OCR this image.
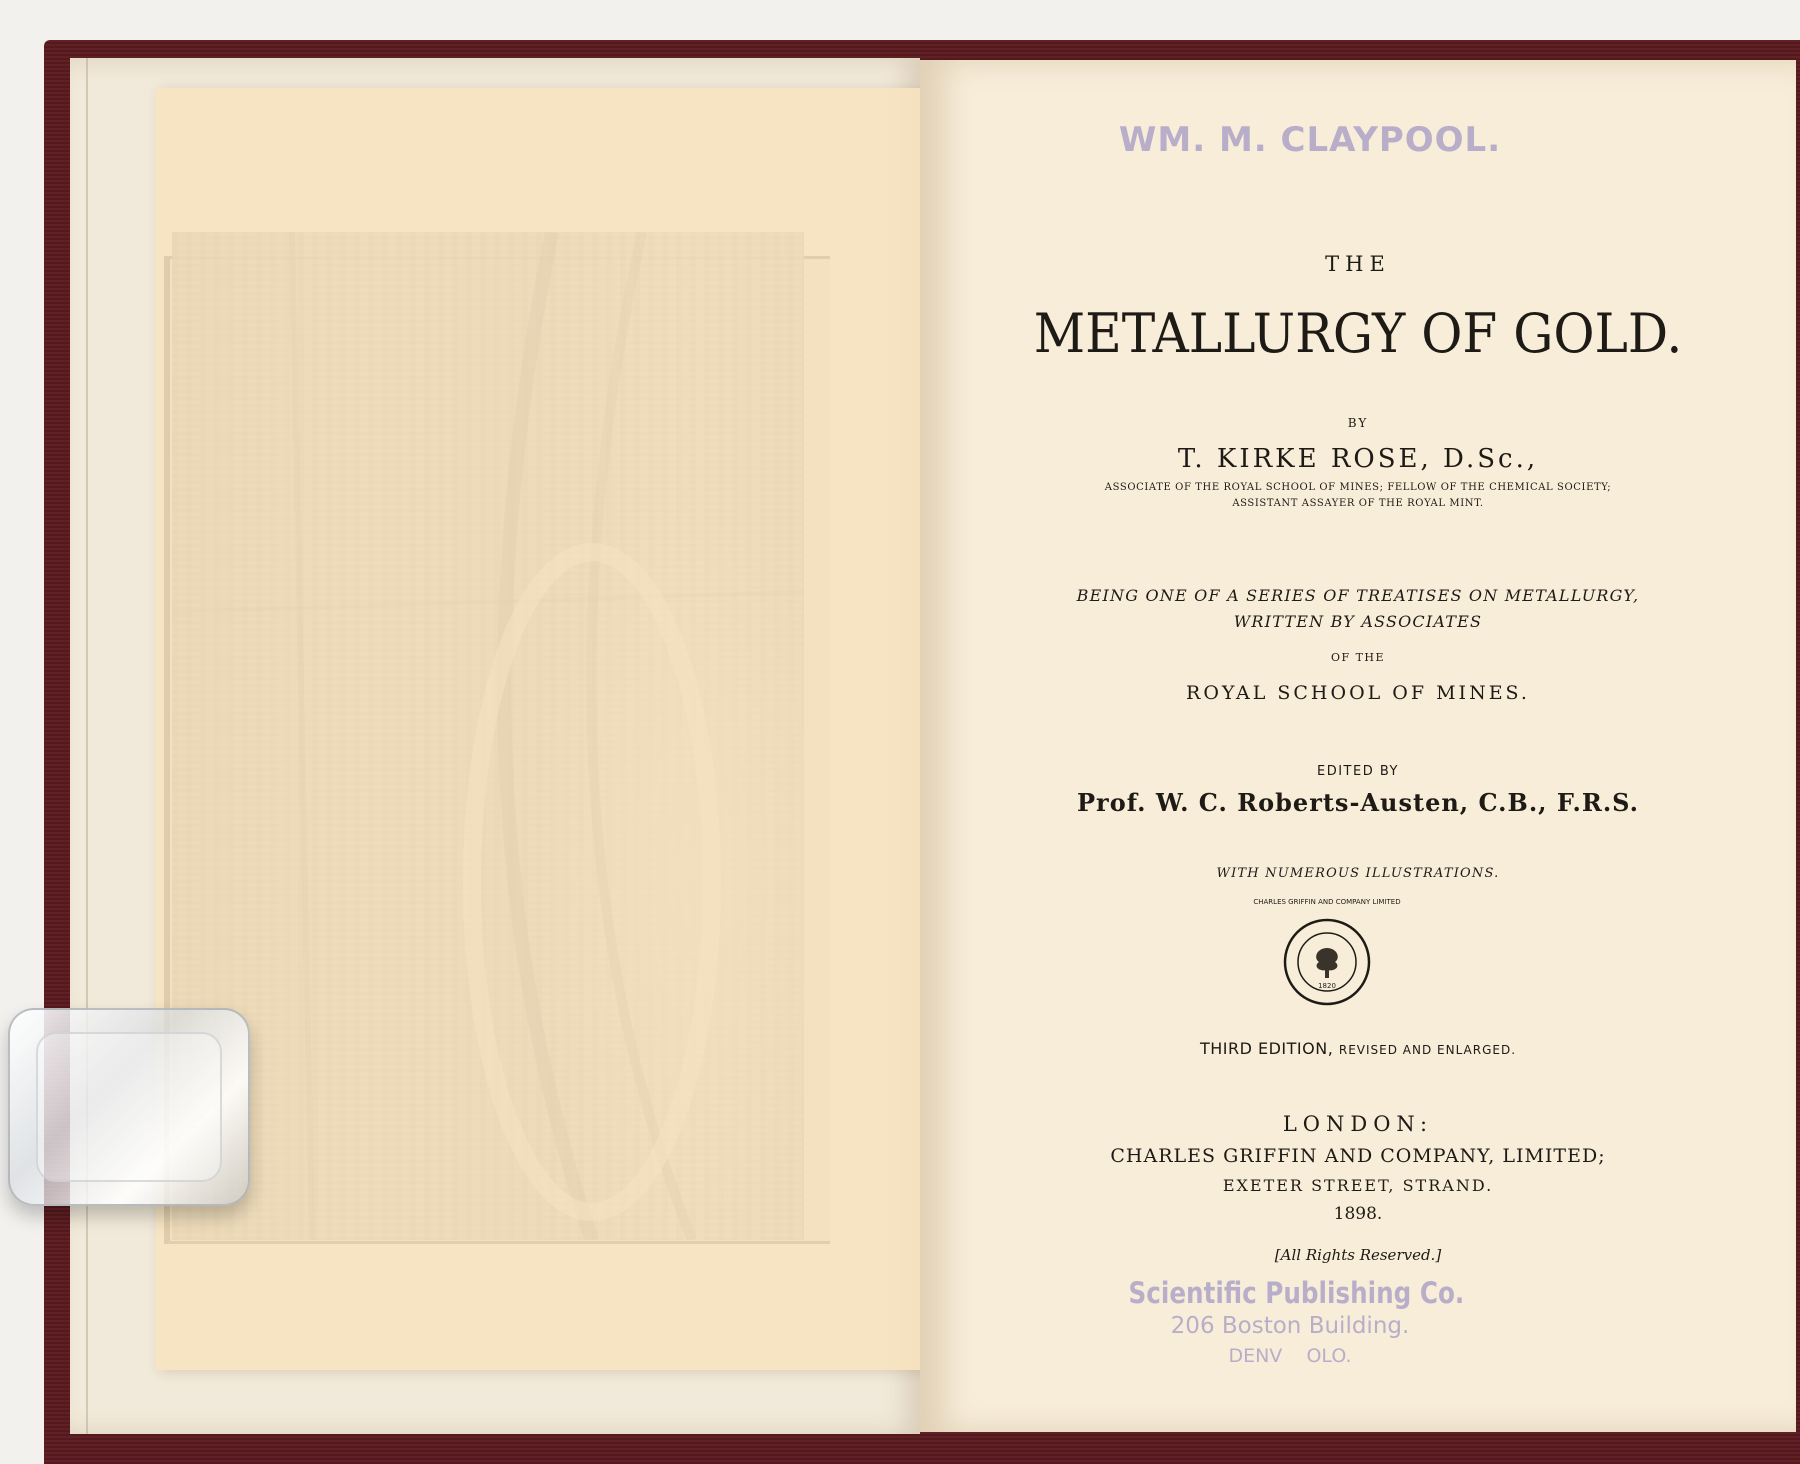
WM. M. CLAYPOOL.

THE

METALLURGY OF GOLD.

BY

T. KIRKE ROSE, D.Sc.,

ASSOCIATE OF THE ROYAL SCHOOL OF MINES; FELLOW OF THE CHEMICAL SOCIETY;

ASSISTANT ASSAYER OF THE ROYAL MINT.

BEING ONE OF A SERIES OF TREATISES ON METALLURGY,

WRITTEN BY ASSOCIATES

OF THE

ROYAL SCHOOL OF MINES.

EDITED BY

Prof. W. C. Roberts-Austen, C.B., F.R.S.

WITH NUMEROUS ILLUSTRATIONS.

CHARLES GRIFFIN AND COMPANY LIMITED
1820

THIRD EDITION, REVISED AND ENLARGED.

LONDON:

CHARLES GRIFFIN AND COMPANY, LIMITED;

EXETER STREET, STRAND.

1898.

[All Rights Reserved.]

Scientific Publishing Co.

206 Boston Building.

DENV    OLO.
